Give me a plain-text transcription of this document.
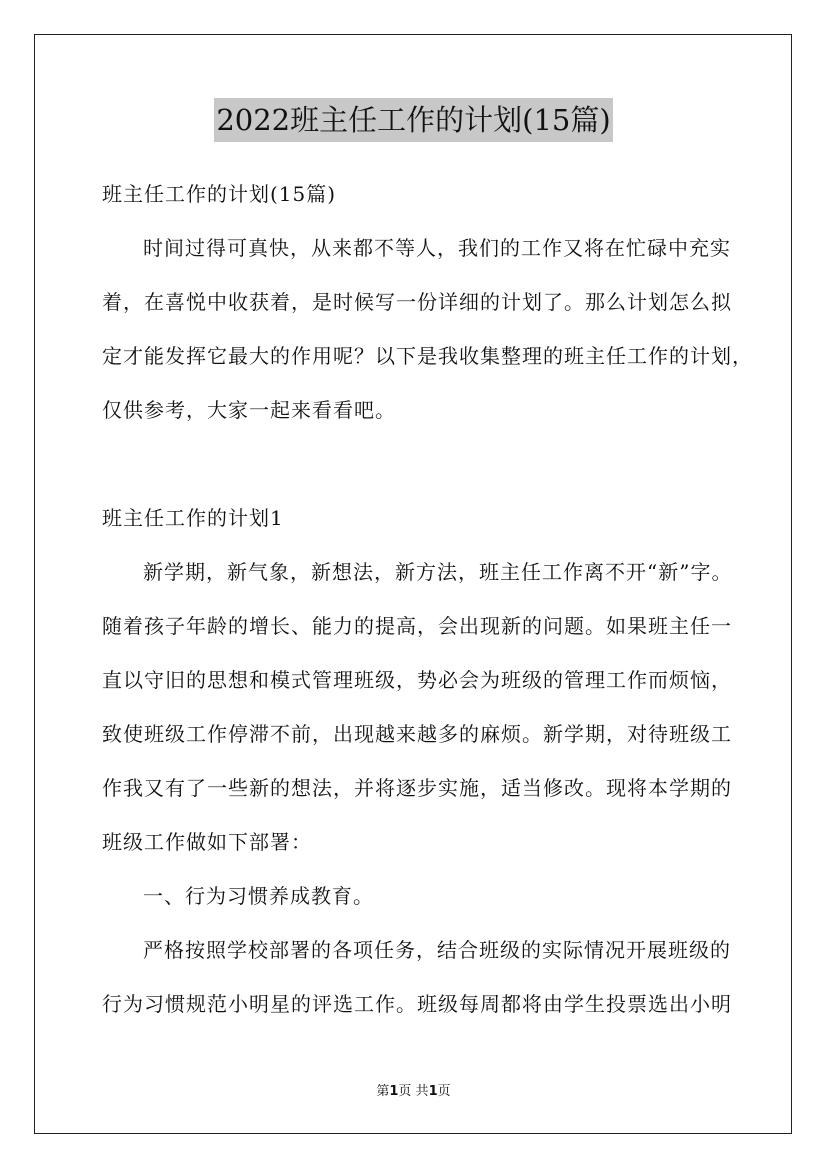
2022班主任工作的计划(15篇)
班主任工作的计划(15篇)
时间过得可真快，从来都不等人，我们的工作又将在忙碌中充实
着，在喜悦中收获着，是时候写一份详细的计划了。那么计划怎么拟
定才能发挥它最大的作用呢？以下是我收集整理的班主任工作的计划，
仅供参考，大家一起来看看吧。
班主任工作的计划1
新学期，新气象，新想法，新方法，班主任工作离不开“新”字。
随着孩子年龄的增长、能力的提高，会出现新的问题。如果班主任一
直以守旧的思想和模式管理班级，势必会为班级的管理工作而烦恼，
致使班级工作停滞不前，出现越来越多的麻烦。新学期，对待班级工
作我又有了一些新的想法，并将逐步实施，适当修改。现将本学期的
班级工作做如下部署：
一、行为习惯养成教育。
严格按照学校部署的各项任务，结合班级的实际情况开展班级的
行为习惯规范小明星的评选工作。班级每周都将由学生投票选出小明
第1页 共1页
